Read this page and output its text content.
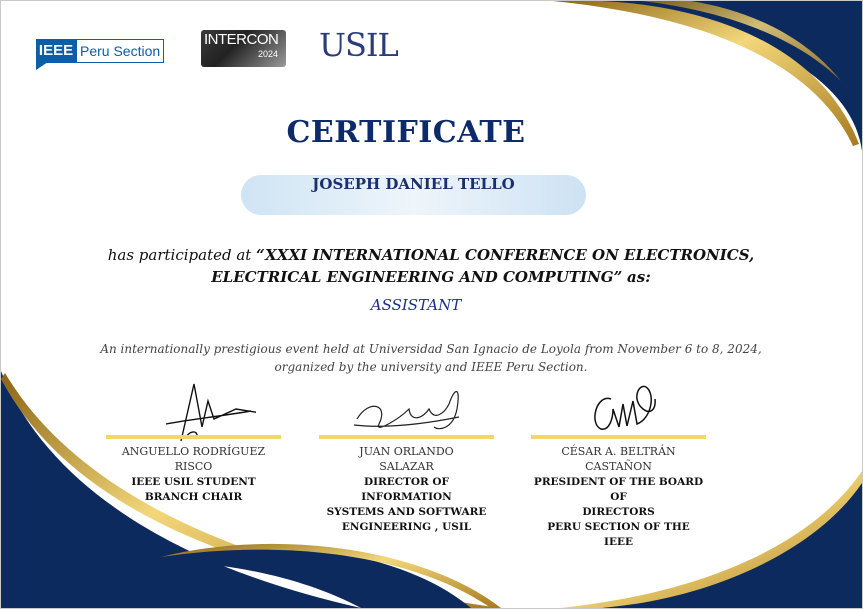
IEEE Peru Section
INTERCON
2024 USIL
CERTIFICATE
JOSEPH DANIEL TELLO
has participated at “XXXI INTERNATIONAL CONFERENCE ON ELECTRONICS, ELECTRICAL ENGINEERING AND COMPUTING” as:
ASSISTANT
An internationally prestigious event held at Universidad San Ignacio de Loyola from November 6 to 8, 2024, organized by the university and IEEE Peru Section.
ANGUELLO RODRÍGUEZ
RISCO
IEEE USIL STUDENT
BRANCH CHAIR
JUAN ORLANDO
SALAZAR
DIRECTOR OF INFORMATION
SYSTEMS AND SOFTWARE
ENGINEERING , USIL
CÉSAR A. BELTRÁN
CASTAÑON
PRESIDENT OF THE BOARD OF
DIRECTORS
PERU SECTION OF THE IEEE
